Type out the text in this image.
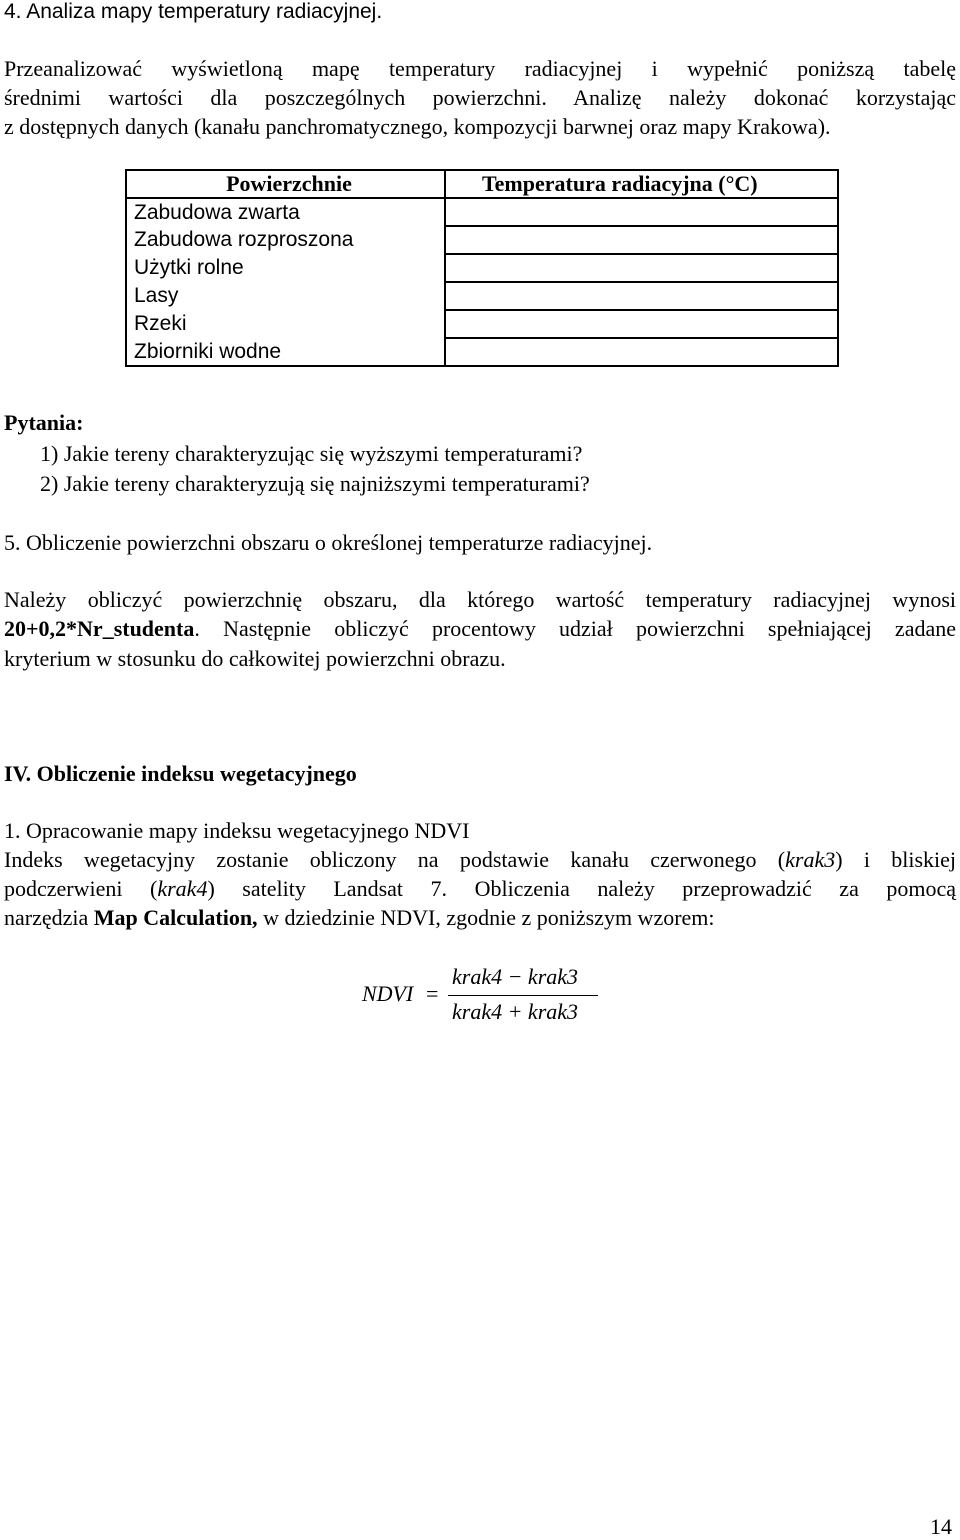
4. Analiza mapy temperatury radiacyjnej.
Przeanalizować wyświetloną mapę temperatury radiacyjnej i wypełnić poniższą tabelę
średnimi wartości dla poszczególnych powierzchni. Analizę należy dokonać korzystając
z dostępnych danych (kanału panchromatycznego, kompozycji barwnej oraz mapy Krakowa).
Powierzchnie	Temperatura radiacyjna (°C)
Zabudowa zwarta	
Zabudowa rozproszona	
Użytki rolne	
Lasy	
Rzeki	
Zbiorniki wodne	
Pytania:
1) Jakie tereny charakteryzując się wyższymi temperaturami?
2) Jakie tereny charakteryzują się najniższymi temperaturami?
5. Obliczenie powierzchni obszaru o określonej temperaturze radiacyjnej.
Należy obliczyć powierzchnię obszaru, dla którego wartość temperatury radiacyjnej wynosi
20+0,2*Nr_studenta. Następnie obliczyć procentowy udział powierzchni spełniającej zadane
kryterium w stosunku do całkowitej powierzchni obrazu.
IV. Obliczenie indeksu wegetacyjnego
1. Opracowanie mapy indeksu wegetacyjnego NDVI
Indeks wegetacyjny zostanie obliczony na podstawie kanału czerwonego (krak3) i bliskiej
podczerwieni (krak4) satelity Landsat 7. Obliczenia należy przeprowadzić za pomocą
narzędzia Map Calculation, w dziedzinie NDVI, zgodnie z poniższym wzorem:
NDVI =
krak4 − krak3
krak4 + krak3
14
